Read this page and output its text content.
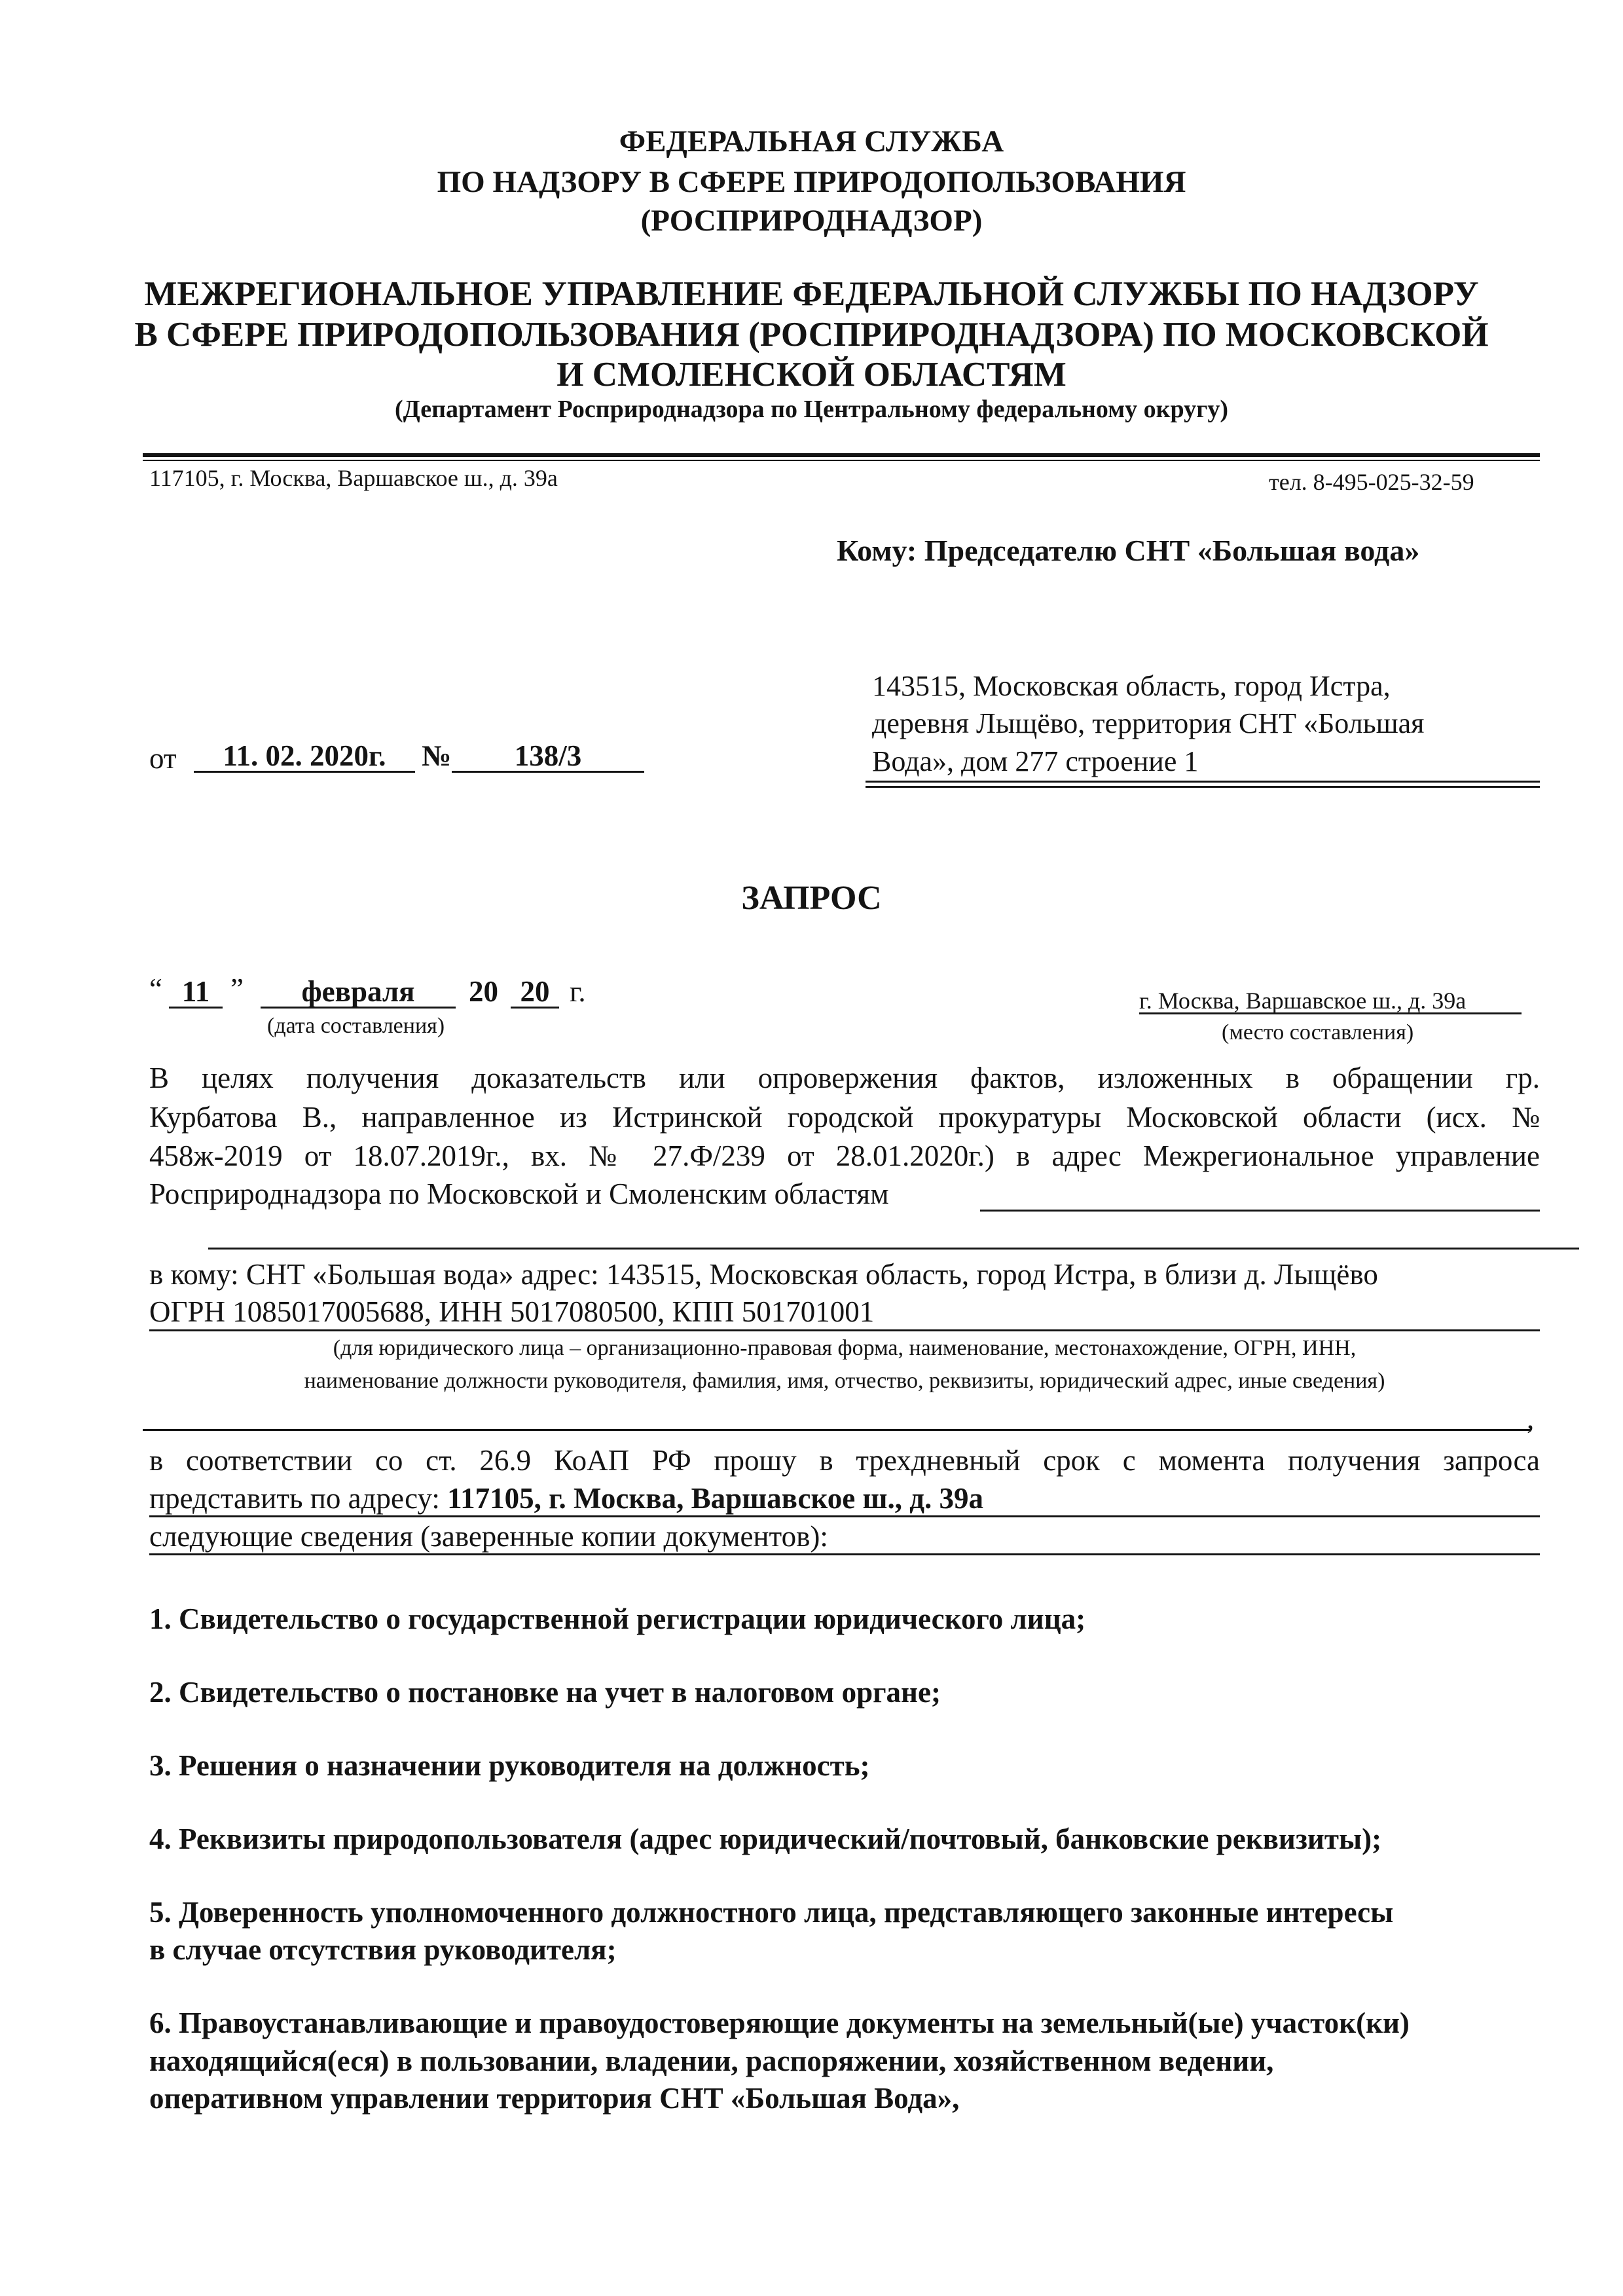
ФЕДЕРАЛЬНАЯ СЛУЖБА
ПО НАДЗОРУ В СФЕРЕ ПРИРОДОПОЛЬЗОВАНИЯ
(РОСПРИРОДНАДЗОР)
МЕЖРЕГИОНАЛЬНОЕ УПРАВЛЕНИЕ ФЕДЕРАЛЬНОЙ СЛУЖБЫ ПО НАДЗОРУ
В СФЕРЕ ПРИРОДОПОЛЬЗОВАНИЯ (РОСПРИРОДНАДЗОРА) ПО МОСКОВСКОЙ
И СМОЛЕНСКОЙ ОБЛАСТЯМ
(Департамент Росприроднадзора по Центральному федеральному округу)
117105, г. Москва, Варшавское ш., д. 39а	тел. 8-495-025-32-59
Кому: Председателю СНТ «Большая вода»
143515, Московская область, город Истра,
деревня Лыщёво, территория СНТ «Большая
Вода», дом 277 строение 1
от	11. 02. 2020г.	№	138/3
ЗАПРОС
“ 11 ”	февраля	20 20 г.
(дата составления)
г. Москва, Варшавское ш., д. 39а
(место составления)
В целях получения доказательств или опровержения фактов, изложенных в обращении гр.
Курбатова В., направленное из Истринской городской прокуратуры Московской области (исх. №
458ж-2019 от 18.07.2019г., вх. № 27.Ф/239 от 28.01.2020г.) в адрес Межрегиональное управление
Росприроднадзора по Московской и Смоленским областям
в кому: СНТ «Большая вода» адрес: 143515, Московская область, город Истра, в близи д. Лыщёво
ОГРН 1085017005688, ИНН 5017080500, КПП 501701001
(для юридического лица – организационно-правовая форма, наименование, местонахождение, ОГРН, ИНН,
наименование должности руководителя, фамилия, имя, отчество, реквизиты, юридический адрес, иные сведения)
,
в соответствии со ст. 26.9 КоАП РФ прошу в трехдневный срок с момента получения запроса
представить по адресу: 117105, г. Москва, Варшавское ш., д. 39а
следующие сведения (заверенные копии документов):
1. Свидетельство о государственной регистрации юридического лица;
2. Свидетельство о постановке на учет в налоговом органе;
3. Решения о назначении руководителя на должность;
4. Реквизиты природопользователя (адрес юридический/почтовый, банковские реквизиты);
5. Доверенность уполномоченного должностного лица, представляющего законные интересы
в случае отсутствия руководителя;
6. Правоустанавливающие и правоудостоверяющие документы на земельный(ые) участок(ки)
находящийся(еся) в пользовании, владении, распоряжении, хозяйственном ведении,
оперативном управлении территория СНТ «Большая Вода»,
